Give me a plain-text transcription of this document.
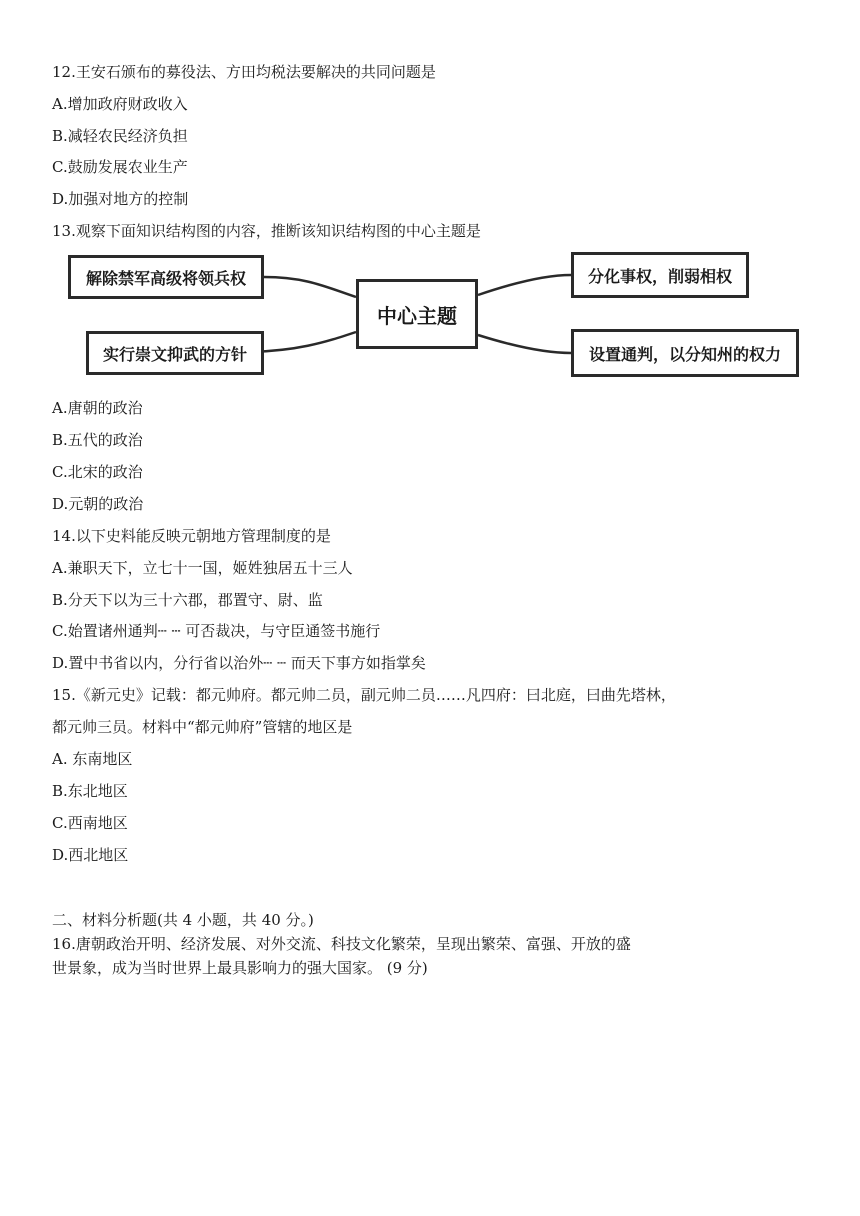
12.王安石颁布的募役法、方田均税法要解决的共同问题是
A.增加政府财政收入
B.减轻农民经济负担
C.鼓励发展农业生产
D.加强对地方的控制
13.观察下面知识结构图的内容，推断该知识结构图的中心主题是
解除禁军高级将领兵权
实行崇文抑武的方针
中心主题
分化事权，削弱相权
设置通判，以分知州的权力
A.唐朝的政治
B.五代的政治
C.北宋的政治
D.元朝的政治
14.以下史料能反映元朝地方管理制度的是
A.兼职天下，立七十一国，姬姓独居五十三人
B.分天下以为三十六郡，郡置守、尉、监
C.始置诸州通判┄ ┄ 可否裁决，与守臣通签书施行
D.置中书省以内，分行省以治外┄ ┄ 而天下事方如指掌矣
15.《新元史》记载：都元帅府。都元帅二员，副元帅二员……凡四府：曰北庭，曰曲先塔林，
都元帅三员。材料中“都元帅府”管辖的地区是
A. 东南地区
B.东北地区
C.西南地区
D.西北地区
二、材料分析题(共 4 小题，共 40 分。)
16.唐朝政治开明、经济发展、对外交流、科技文化繁荣，呈现出繁荣、富强、开放的盛
世景象，成为当时世界上最具影响力的强大国家。 (9 分)
